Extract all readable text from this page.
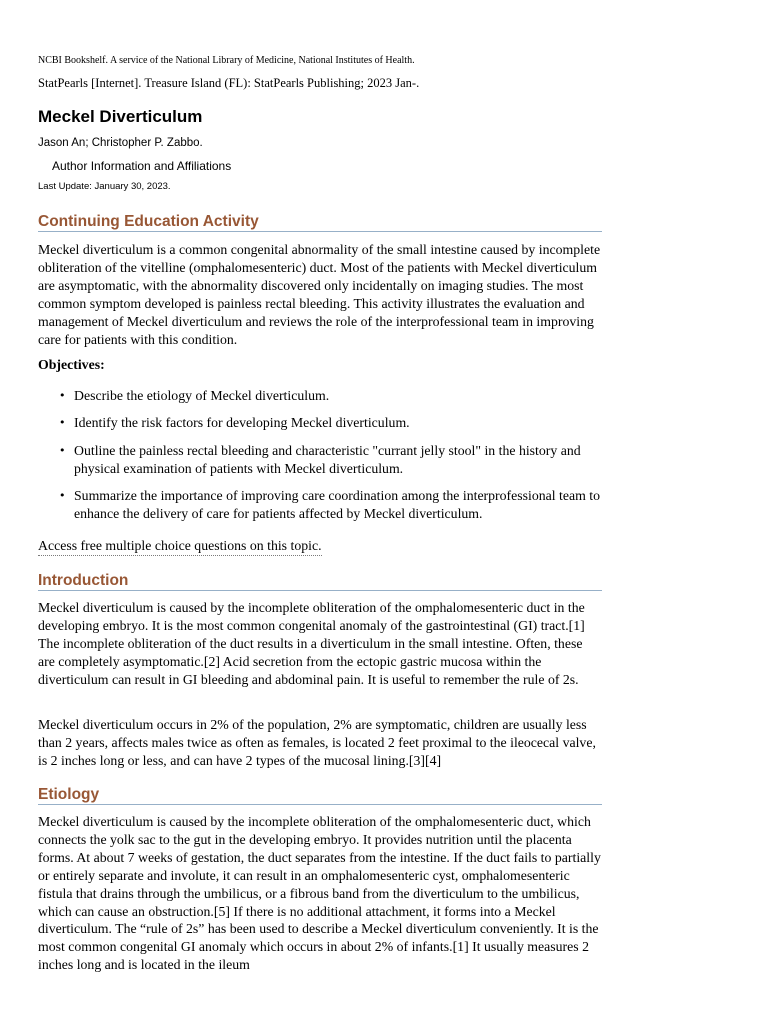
NCBI Bookshelf. A service of the National Library of Medicine, National Institutes of Health.
StatPearls [Internet]. Treasure Island (FL): StatPearls Publishing; 2023 Jan-.
Meckel Diverticulum
Jason An; Christopher P. Zabbo.
Author Information and Affiliations
Last Update: January 30, 2023.
Continuing Education Activity

Meckel diverticulum is a common congenital abnormality of the small intestine caused by incomplete obliteration of the vitelline (omphalomesenteric) duct. Most of the patients with Meckel diverticulum are asymptomatic, with the abnormality discovered only incidentally on imaging studies. The most common symptom developed is painless rectal bleeding. This activity illustrates the evaluation and management of Meckel diverticulum and reviews the role of the interprofessional team in improving care for patients with this condition.

Objectives:
• Describe the etiology of Meckel diverticulum.
• Identify the risk factors for developing Meckel diverticulum.
• Outline the painless rectal bleeding and characteristic "currant jelly stool" in the history and physical examination of patients with Meckel diverticulum.
• Summarize the importance of improving care coordination among the interprofessional team to enhance the delivery of care for patients affected by Meckel diverticulum.
Access free multiple choice questions on this topic.
Introduction

Meckel diverticulum is caused by the incomplete obliteration of the omphalomesenteric duct in the developing embryo. It is the most common congenital anomaly of the gastrointestinal (GI) tract.[1] The incomplete obliteration of the duct results in a diverticulum in the small intestine. Often, these are completely asymptomatic.[2] Acid secretion from the ectopic gastric mucosa within the diverticulum can result in GI bleeding and abdominal pain. It is useful to remember the rule of 2s.

Meckel diverticulum occurs in 2% of the population, 2% are symptomatic, children are usually less than 2 years, affects males twice as often as females, is located 2 feet proximal to the ileocecal valve, is 2 inches long or less, and can have 2 types of the mucosal lining.[3][4]

Etiology

Meckel diverticulum is caused by the incomplete obliteration of the omphalomesenteric duct, which connects the yolk sac to the gut in the developing embryo. It provides nutrition until the placenta forms. At about 7 weeks of gestation, the duct separates from the intestine. If the duct fails to partially or entirely separate and involute, it can result in an omphalomesenteric cyst, omphalomesenteric fistula that drains through the umbilicus, or a fibrous band from the diverticulum to the umbilicus, which can cause an obstruction.[5] If there is no additional attachment, it forms into a Meckel diverticulum. The “rule of 2s” has been used to describe a Meckel diverticulum conveniently. It is the most common congenital GI anomaly which occurs in about 2% of infants.[1] It usually measures 2 inches long and is located in the ileum
